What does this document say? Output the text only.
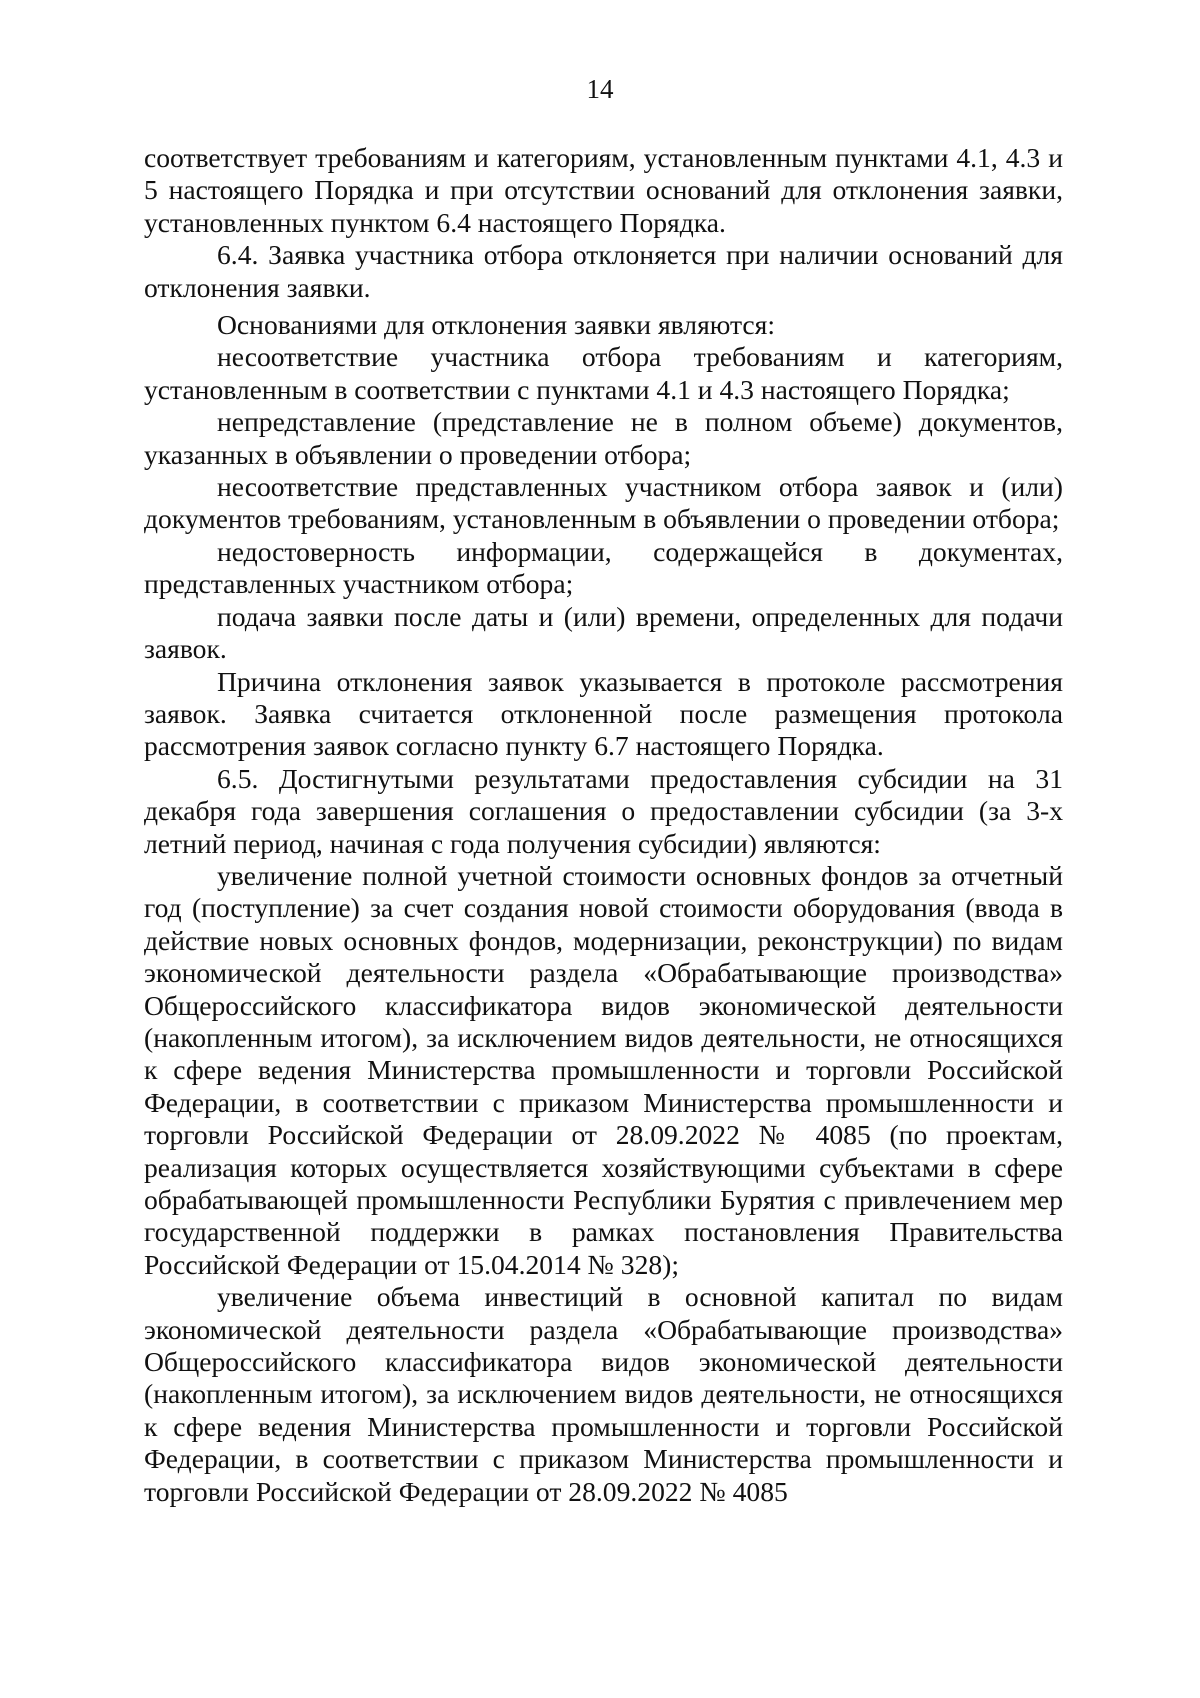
14

соответствует требованиям и категориям, установленным пунктами 4.1, 4.3 и 5 настоящего Порядка и при отсутствии оснований для отклонения заявки, установленных пунктом 6.4 настоящего Порядка.

6.4. Заявка участника отбора отклоняется при наличии оснований для отклонения заявки.

Основаниями для отклонения заявки являются:

несоответствие участника отбора требованиям и категориям, установленным в соответствии с пунктами 4.1 и 4.3 настоящего Порядка;

непредставление (представление не в полном объеме) документов, указанных в объявлении о проведении отбора;

несоответствие представленных участником отбора заявок и (или) документов требованиям, установленным в объявлении о проведении отбора;

недостоверность информации, содержащейся в документах, представленных участником отбора;

подача заявки после даты и (или) времени, определенных для подачи заявок.

Причина отклонения заявок указывается в протоколе рассмотрения заявок. Заявка считается отклоненной после размещения протокола рассмотрения заявок согласно пункту 6.7 настоящего Порядка.

6.5. Достигнутыми результатами предоставления субсидии на 31 декабря года завершения соглашения о предоставлении субсидии (за 3-х летний период, начиная с года получения субсидии) являются:

увеличение полной учетной стоимости основных фондов за отчетный год (поступление) за счет создания новой стоимости оборудования (ввода в действие новых основных фондов, модернизации, реконструкции) по видам экономической деятельности раздела «Обрабатывающие производства» Общероссийского классификатора видов экономической деятельности (накопленным итогом), за исключением видов деятельности, не относящихся к сфере ведения Министерства промышленности и торговли Российской Федерации, в соответствии с приказом Министерства промышленности и торговли Российской Федерации от 28.09.2022 № 4085 (по проектам, реализация которых осуществляется хозяйствующими субъектами в сфере обрабатывающей промышленности Республики Бурятия с привлечением мер государственной поддержки в рамках постановления Правительства Российской Федерации от 15.04.2014 № 328);

увеличение объема инвестиций в основной капитал по видам экономической деятельности раздела «Обрабатывающие производства» Общероссийского классификатора видов экономической деятельности (накопленным итогом), за исключением видов деятельности, не относящихся к сфере ведения Министерства промышленности и торговли Российской Федерации, в соответствии с приказом Министерства промышленности и торговли Российской Федерации от 28.09.2022 № 4085
